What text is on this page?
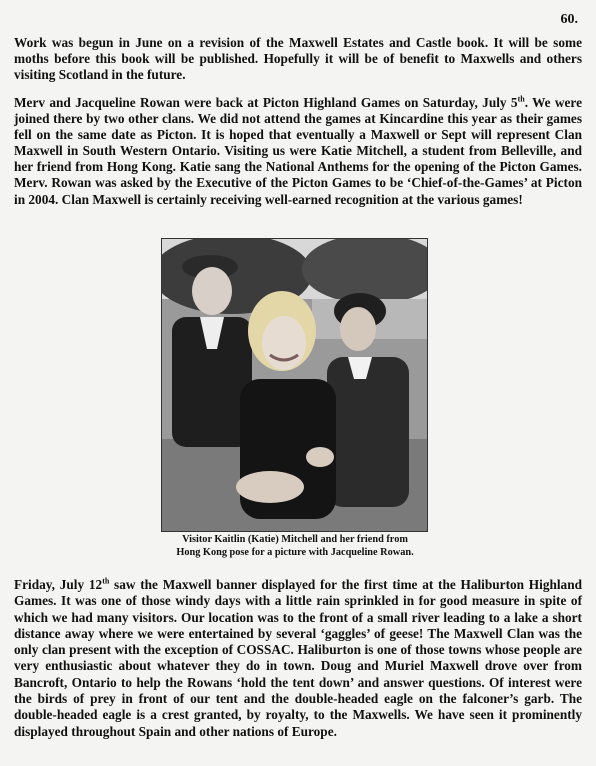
60.

Work was begun in June on a revision of the Maxwell Estates and Castle book. It will be some moths before this book will be published. Hopefully it will be of benefit to Maxwells and others visiting Scotland in the future.

Merv and Jacqueline Rowan were back at Picton Highland Games on Saturday, July 5th. We were joined there by two other clans. We did not attend the games at Kincardine this year as their games fell on the same date as Picton. It is hoped that eventually a Maxwell or Sept will represent Clan Maxwell in South Western Ontario. Visiting us were Katie Mitchell, a student from Belleville, and her friend from Hong Kong. Katie sang the National Anthems for the opening of the Picton Games. Merv. Rowan was asked by the Executive of the Picton Games to be ‘Chief-of-the-Games’ at Picton in 2004. Clan Maxwell is certainly receiving well-earned recognition at the various games!

Visitor Kaitlin (Katie) Mitchell and her friend from
Hong Kong pose for a picture with Jacqueline Rowan.

Friday, July 12th saw the Maxwell banner displayed for the first time at the Haliburton Highland Games. It was one of those windy days with a little rain sprinkled in for good measure in spite of which we had many visitors. Our location was to the front of a small river leading to a lake a short distance away where we were entertained by several ‘gaggles’ of geese! The Maxwell Clan was the only clan present with the exception of COSSAC. Haliburton is one of those towns whose people are very enthusiastic about whatever they do in town. Doug and Muriel Maxwell drove over from Bancroft, Ontario to help the Rowans ‘hold the tent down’ and answer questions. Of interest were the birds of prey in front of our tent and the double-headed eagle on the falconer’s garb. The double-headed eagle is a crest granted, by royalty, to the Maxwells. We have seen it prominently displayed throughout Spain and other nations of Europe.
